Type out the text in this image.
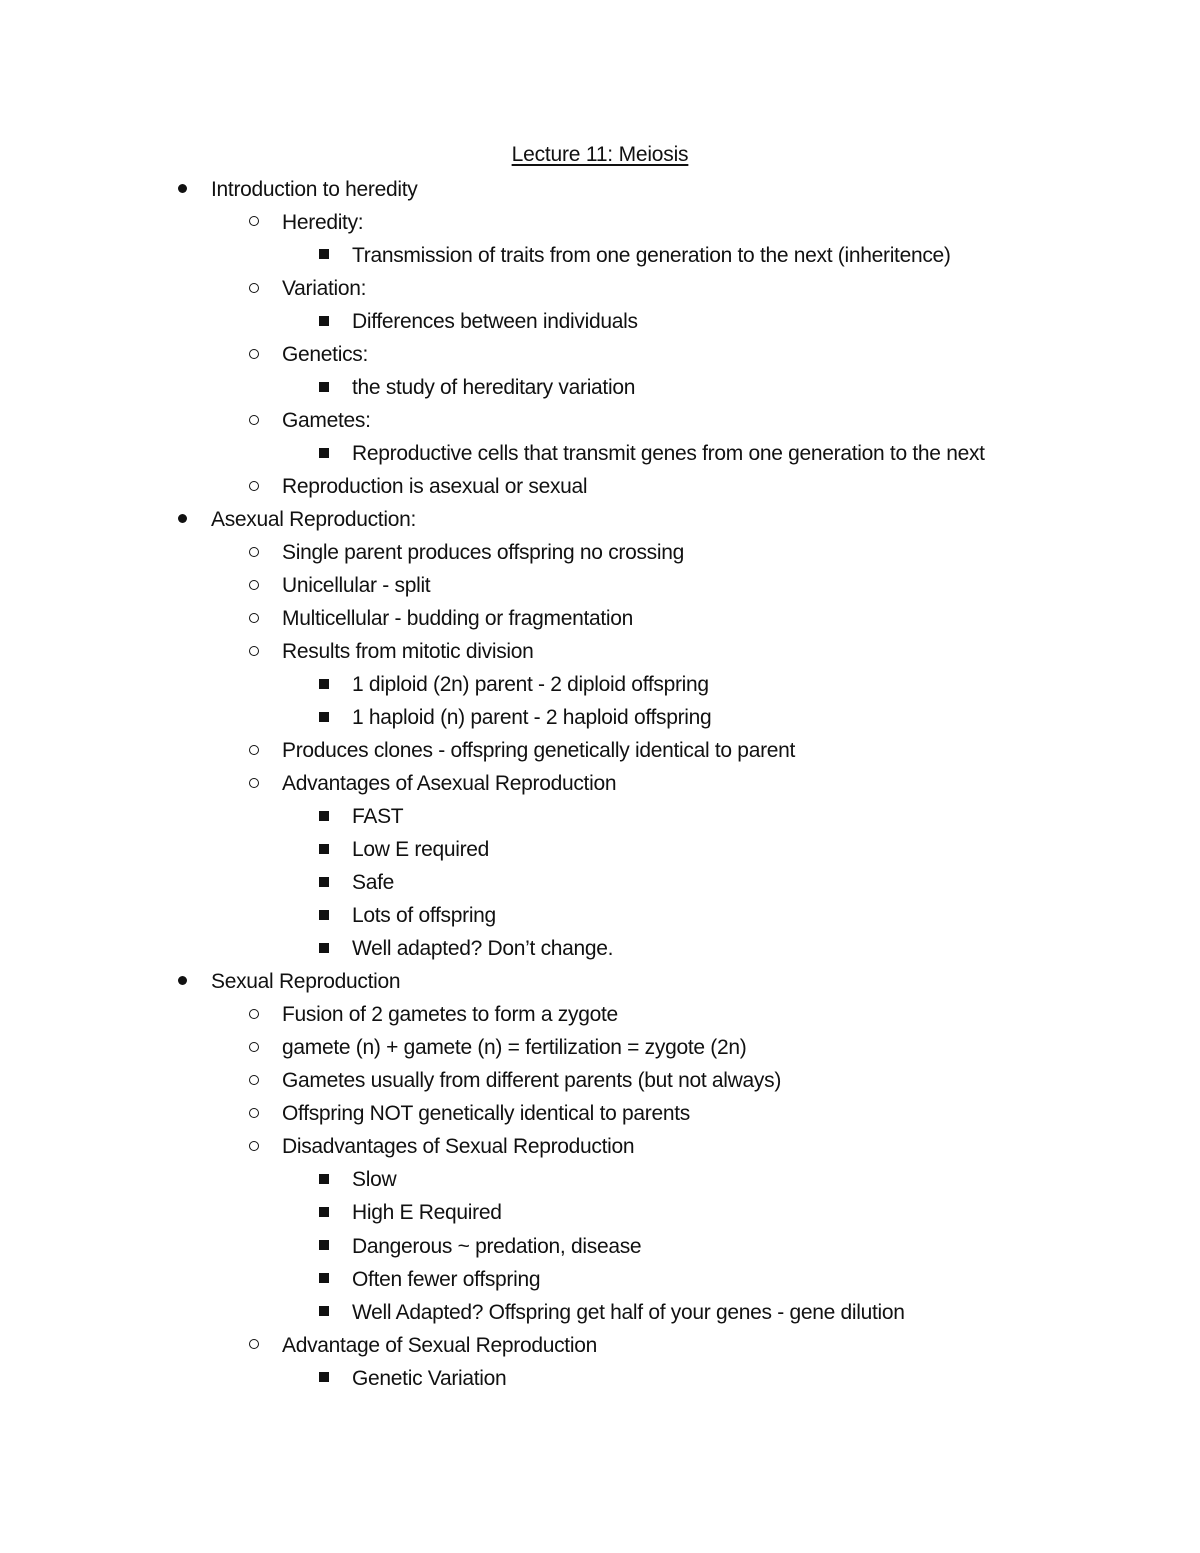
Lecture 11: Meiosis
Introduction to heredity
Heredity:
Transmission of traits from one generation to the next (inheritence)
Variation:
Differences between individuals
Genetics:
the study of hereditary variation
Gametes:
Reproductive cells that transmit genes from one generation to the next
Reproduction is asexual or sexual
Asexual Reproduction:
Single parent produces offspring no crossing
Unicellular - split
Multicellular - budding or fragmentation
Results from mitotic division
1 diploid (2n) parent - 2 diploid offspring
1 haploid (n) parent - 2 haploid offspring
Produces clones - offspring genetically identical to parent
Advantages of Asexual Reproduction
FAST
Low E required
Safe
Lots of offspring
Well adapted? Don’t change.
Sexual Reproduction
Fusion of 2 gametes to form a zygote
gamete (n) + gamete (n) = fertilization = zygote (2n)
Gametes usually from different parents (but not always)
Offspring NOT genetically identical to parents
Disadvantages of Sexual Reproduction
Slow
High E Required
Dangerous ~ predation, disease
Often fewer offspring
Well Adapted? Offspring get half of your genes - gene dilution
Advantage of Sexual Reproduction
Genetic Variation
